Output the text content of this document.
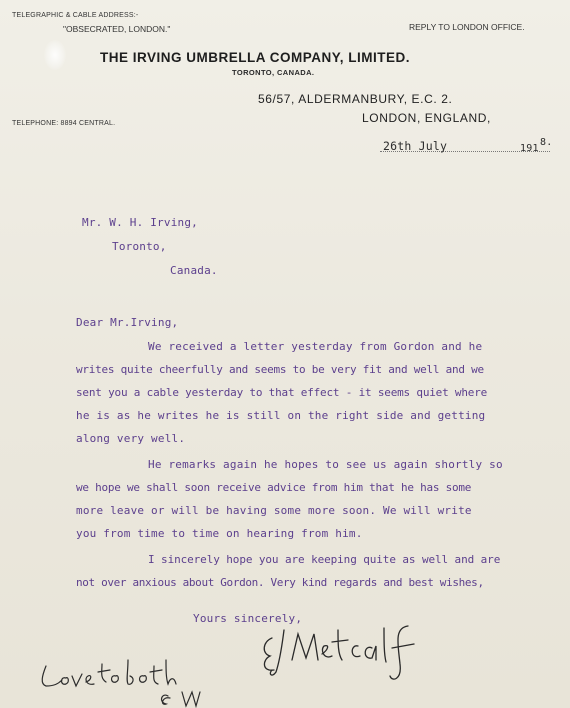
TELEGRAPHIC & CABLE ADDRESS:-
"OBSECRATED, LONDON."	REPLY TO LONDON OFFICE.
THE IRVING UMBRELLA COMPANY, LIMITED.
TORONTO, CANADA.
TELEPHONE: 8894 CENTRAL.
56/57, ALDERMANBURY, E.C. 2.
LONDON, ENGLAND,
26th July	191
8.
Mr. W. H. Irving,
Toronto,
Canada.
Dear Mr.Irving,
We received a letter yesterday from Gordon and he
writes quite cheerfully and seems to be very fit and well and we
sent you a cable yesterday to that effect - it seems quiet where
he is as he writes he is still on the right side and getting
along very well.
He remarks again he hopes to see us again shortly so
we hope we shall soon receive advice from him that he has some
more leave or will be having some more soon. We will write
you from time to time on hearing from him.
I sincerely hope you are keeping quite as well and are
not over anxious about Gordon. Very kind regards and best wishes,
Yours sincerely,
